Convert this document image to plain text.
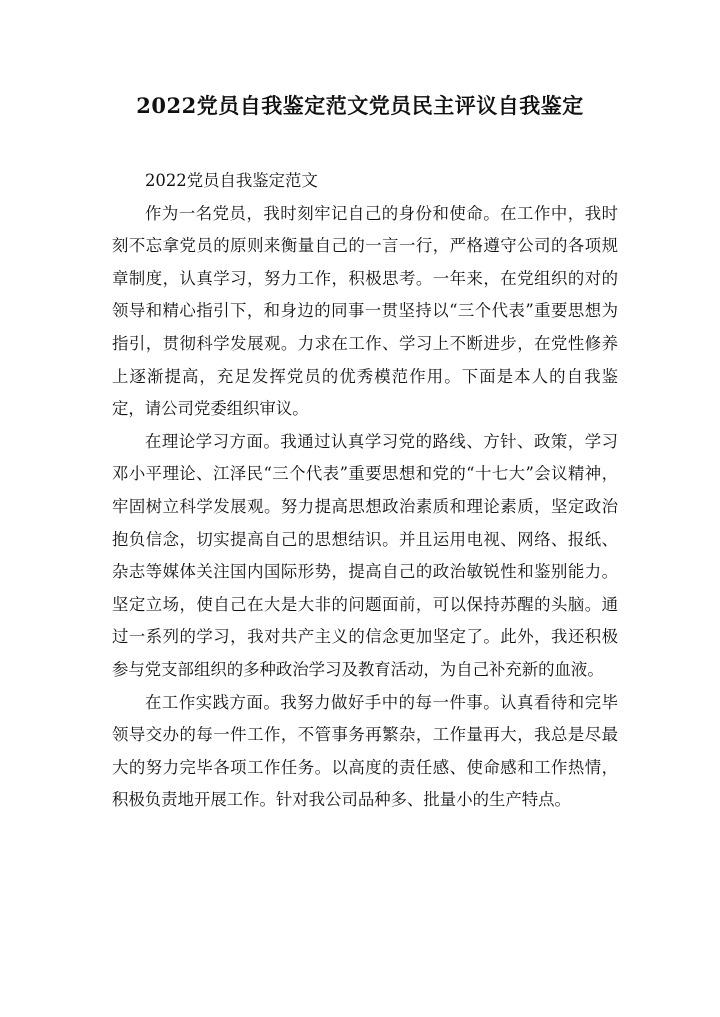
2022党员自我鉴定范文党员民主评议自我鉴定

2022党员自我鉴定范文

作为一名党员，我时刻牢记自己的身份和使命。在工作中，我时刻不忘拿党员的原则来衡量自己的一言一行，严格遵守公司的各项规章制度，认真学习，努力工作，积极思考。一年来，在党组织的对的领导和精心指引下，和身边的同事一贯坚持以“三个代表”重要思想为指引，贯彻科学发展观。力求在工作、学习上不断进步，在党性修养上逐渐提高，充足发挥党员的优秀模范作用。下面是本人的自我鉴定，请公司党委组织审议。

在理论学习方面。我通过认真学习党的路线、方针、政策，学习邓小平理论、江泽民“三个代表”重要思想和党的“十七大”会议精神，牢固树立科学发展观。努力提高思想政治素质和理论素质，坚定政治抱负信念，切实提高自己的思想结识。并且运用电视、网络、报纸、杂志等媒体关注国内国际形势，提高自己的政治敏锐性和鉴别能力。坚定立场，使自己在大是大非的问题面前，可以保持苏醒的头脑。通过一系列的学习，我对共产主义的信念更加坚定了。此外，我还积极参与党支部组织的多种政治学习及教育活动，为自己补充新的血液。

在工作实践方面。我努力做好手中的每一件事。认真看待和完毕领导交办的每一件工作，不管事务再繁杂，工作量再大，我总是尽最大的努力完毕各项工作任务。以高度的责任感、使命感和工作热情，积极负责地开展工作。针对我公司品种多、批量小的生产特点。
